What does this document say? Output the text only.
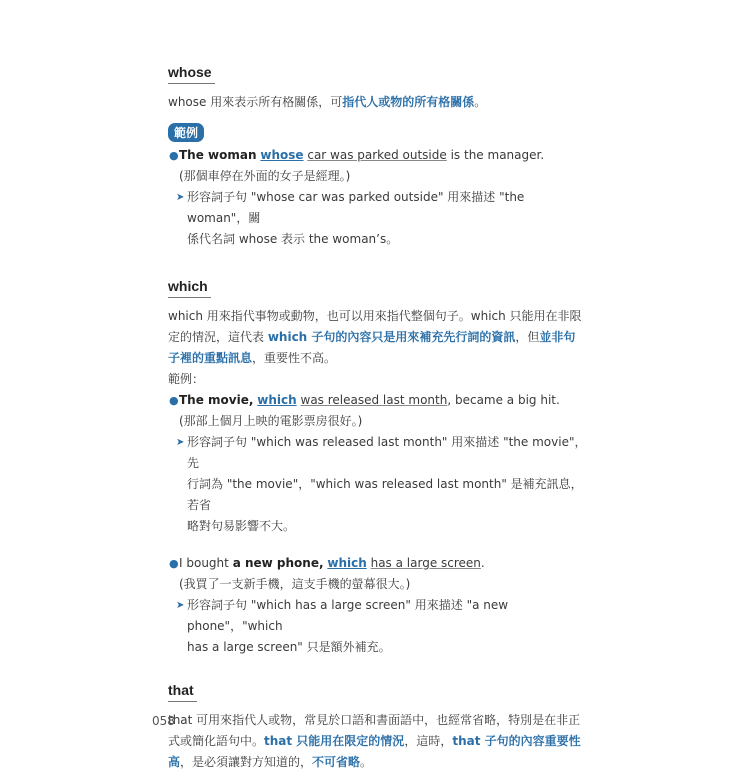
whose

whose 用來表示所有格關係，可指代人或物的所有格關係。

範例
● The woman whose car was parked outside is the manager.
(那個車停在外面的女子是經理。)
➤ 形容詞子句 "whose car was parked outside" 用來描述 "the woman"，關
係代名詞 whose 表示 the woman’s。
which

which 用來指代事物或動物，也可以用來指代整個句子。which 只能用在非限
定的情況，這代表 which 子句的內容只是用來補充先行詞的資訊，但並非句
子裡的重點訊息，重要性不高。
範例：

● The movie, which was released last month, became a big hit.
(那部上個月上映的電影票房很好。)
➤ 形容詞子句 "which was released last month" 用來描述 "the movie"，先
行詞為 "the movie"，"which was released last month" 是補充訊息，若省
略對句易影響不大。
● I bought a new phone, which has a large screen.
(我買了一支新手機，這支手機的螢幕很大。)
➤ 形容詞子句 "which has a large screen" 用來描述 "a new phone"，"which
has a large screen" 只是額外補充。
that

that 可用來指代人或物，常見於口語和書面語中，也經常省略，特別是在非正
式或簡化語句中。that 只能用在限定的情況，這時，that 子句的內容重要性
高，是必須讓對方知道的，不可省略。

058
